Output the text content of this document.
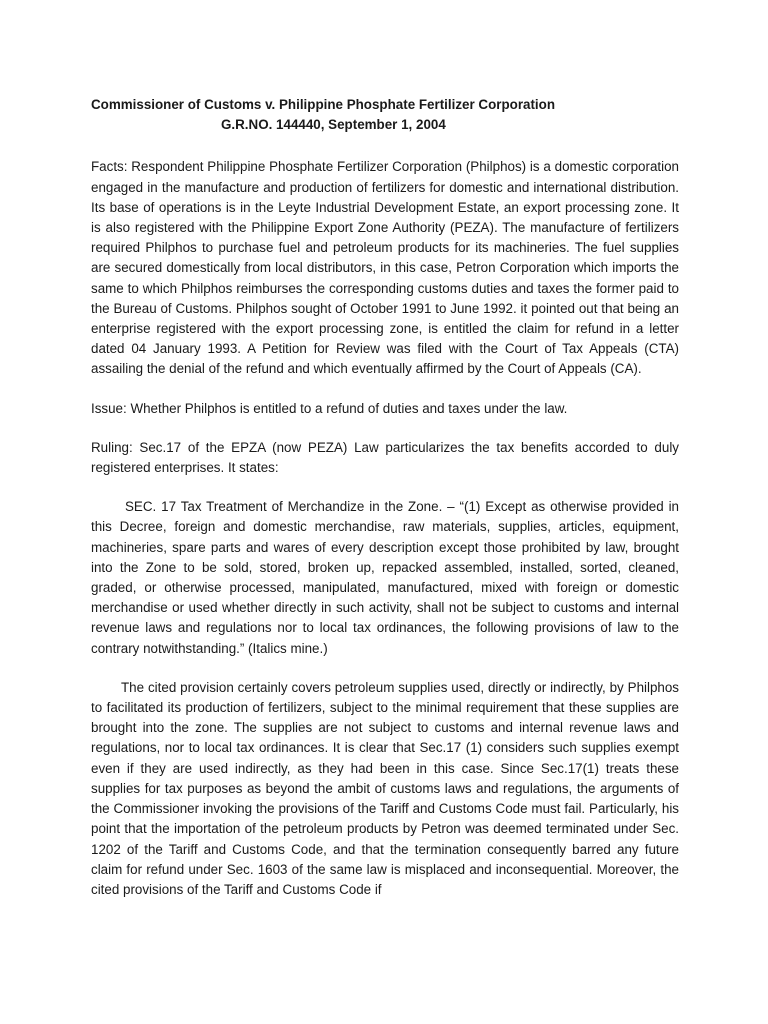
Commissioner of Customs v. Philippine Phosphate Fertilizer Corporation

G.R.NO. 144440, September 1, 2004

Facts: Respondent Philippine Phosphate Fertilizer Corporation (Philphos) is a domestic corporation engaged in the manufacture and production of fertilizers for domestic and international distribution. Its base of operations is in the Leyte Industrial Development Estate, an export processing zone. It is also registered with the Philippine Export Zone Authority (PEZA). The manufacture of fertilizers required Philphos to purchase fuel and petroleum products for its machineries. The fuel supplies are secured domestically from local distributors, in this case, Petron Corporation which imports the same to which Philphos reimburses the corresponding customs duties and taxes the former paid to the Bureau of Customs. Philphos sought of October 1991 to June 1992. it pointed out that being an enterprise registered with the export processing zone, is entitled the claim for refund in a letter dated 04 January 1993. A Petition for Review was filed with the Court of Tax Appeals (CTA) assailing the denial of the refund and which eventually affirmed by the Court of Appeals (CA).

Issue: Whether Philphos is entitled to a refund of duties and taxes under the law.

Ruling: Sec.17 of the EPZA (now PEZA) Law particularizes the tax benefits accorded to duly registered enterprises. It states:

SEC. 17 Tax Treatment of Merchandize in the Zone. – “(1) Except as otherwise provided in this Decree, foreign and domestic merchandise, raw materials, supplies, articles, equipment, machineries, spare parts and wares of every description except those prohibited by law, brought into the Zone to be sold, stored, broken up, repacked assembled, installed, sorted, cleaned, graded, or otherwise processed, manipulated, manufactured, mixed with foreign or domestic merchandise or used whether directly in such activity, shall not be subject to customs and internal revenue laws and regulations nor to local tax ordinances, the following provisions of law to the contrary notwithstanding.” (Italics mine.)

The cited provision certainly covers petroleum supplies used, directly or indirectly, by Philphos to facilitated its production of fertilizers, subject to the minimal requirement that these supplies are brought into the zone. The supplies are not subject to customs and internal revenue laws and regulations, nor to local tax ordinances. It is clear that Sec.17 (1) considers such supplies exempt even if they are used indirectly, as they had been in this case. Since Sec.17(1) treats these supplies for tax purposes as beyond the ambit of customs laws and regulations, the arguments of the Commissioner invoking the provisions of the Tariff and Customs Code must fail. Particularly, his point that the importation of the petroleum products by Petron was deemed terminated under Sec. 1202 of the Tariff and Customs Code, and that the termination consequently barred any future claim for refund under Sec. 1603 of the same law is misplaced and inconsequential. Moreover, the cited provisions of the Tariff and Customs Code if
